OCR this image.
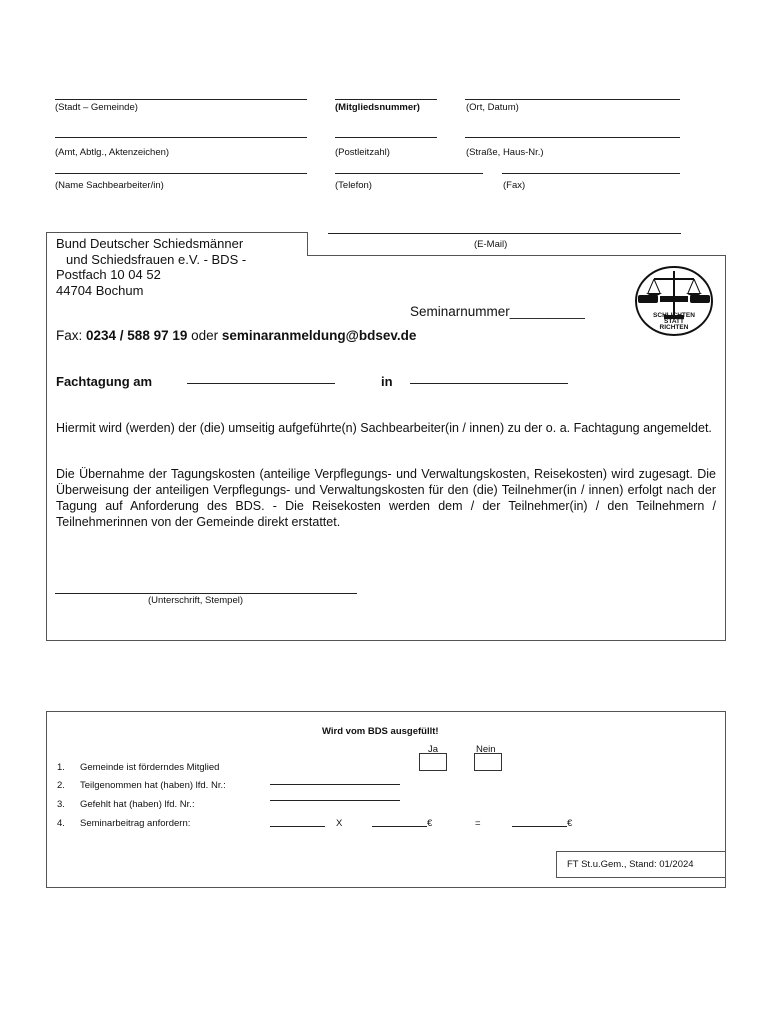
(Stadt – Gemeinde)	(Mitgliedsnummer)	(Ort, Datum)
(Amt, Abtlg., Aktenzeichen)	(Postleitzahl)	(Straße, Haus-Nr.)
(Name Sachbearbeiter/in)	(Telefon)	(Fax)
(E-Mail)
Bund Deutscher Schiedsmänner
und Schiedsfrauen e.V. - BDS -
Postfach 10 04 52
44704 Bochum
SCHLICHTEN
STATT
RICHTEN
Seminarnummer__________
Fax: 0234 / 588 97 19 oder seminaranmeldung@bdsev.de
Fachtagung am	in
Hiermit wird (werden) der (die) umseitig aufgeführte(n) Sachbearbeiter(in / innen) zu der o. a. Fachtagung angemeldet.
Die Übernahme der Tagungskosten (anteilige Verpflegungs- und Verwaltungskosten, Reisekosten) wird zugesagt. Die Überweisung der anteiligen Verpflegungs- und Verwaltungskosten für den (die) Teilnehmer(in / innen) erfolgt nach der Tagung auf Anforderung des BDS. - Die Reisekosten werden dem / der Teilnehmer(in) / den Teilnehmern / Teilnehmerinnen von der Gemeinde direkt erstattet.
(Unterschrift, Stempel)
Wird vom BDS ausgefüllt!
Ja	Nein
1. Gemeinde ist förderndes Mitglied
2. Teilgenommen hat (haben) lfd. Nr.:
3. Gefehlt hat (haben) lfd. Nr.:
4. Seminarbeitrag anfordern:	X	€	=	€
FT St.u.Gem., Stand: 01/2024
